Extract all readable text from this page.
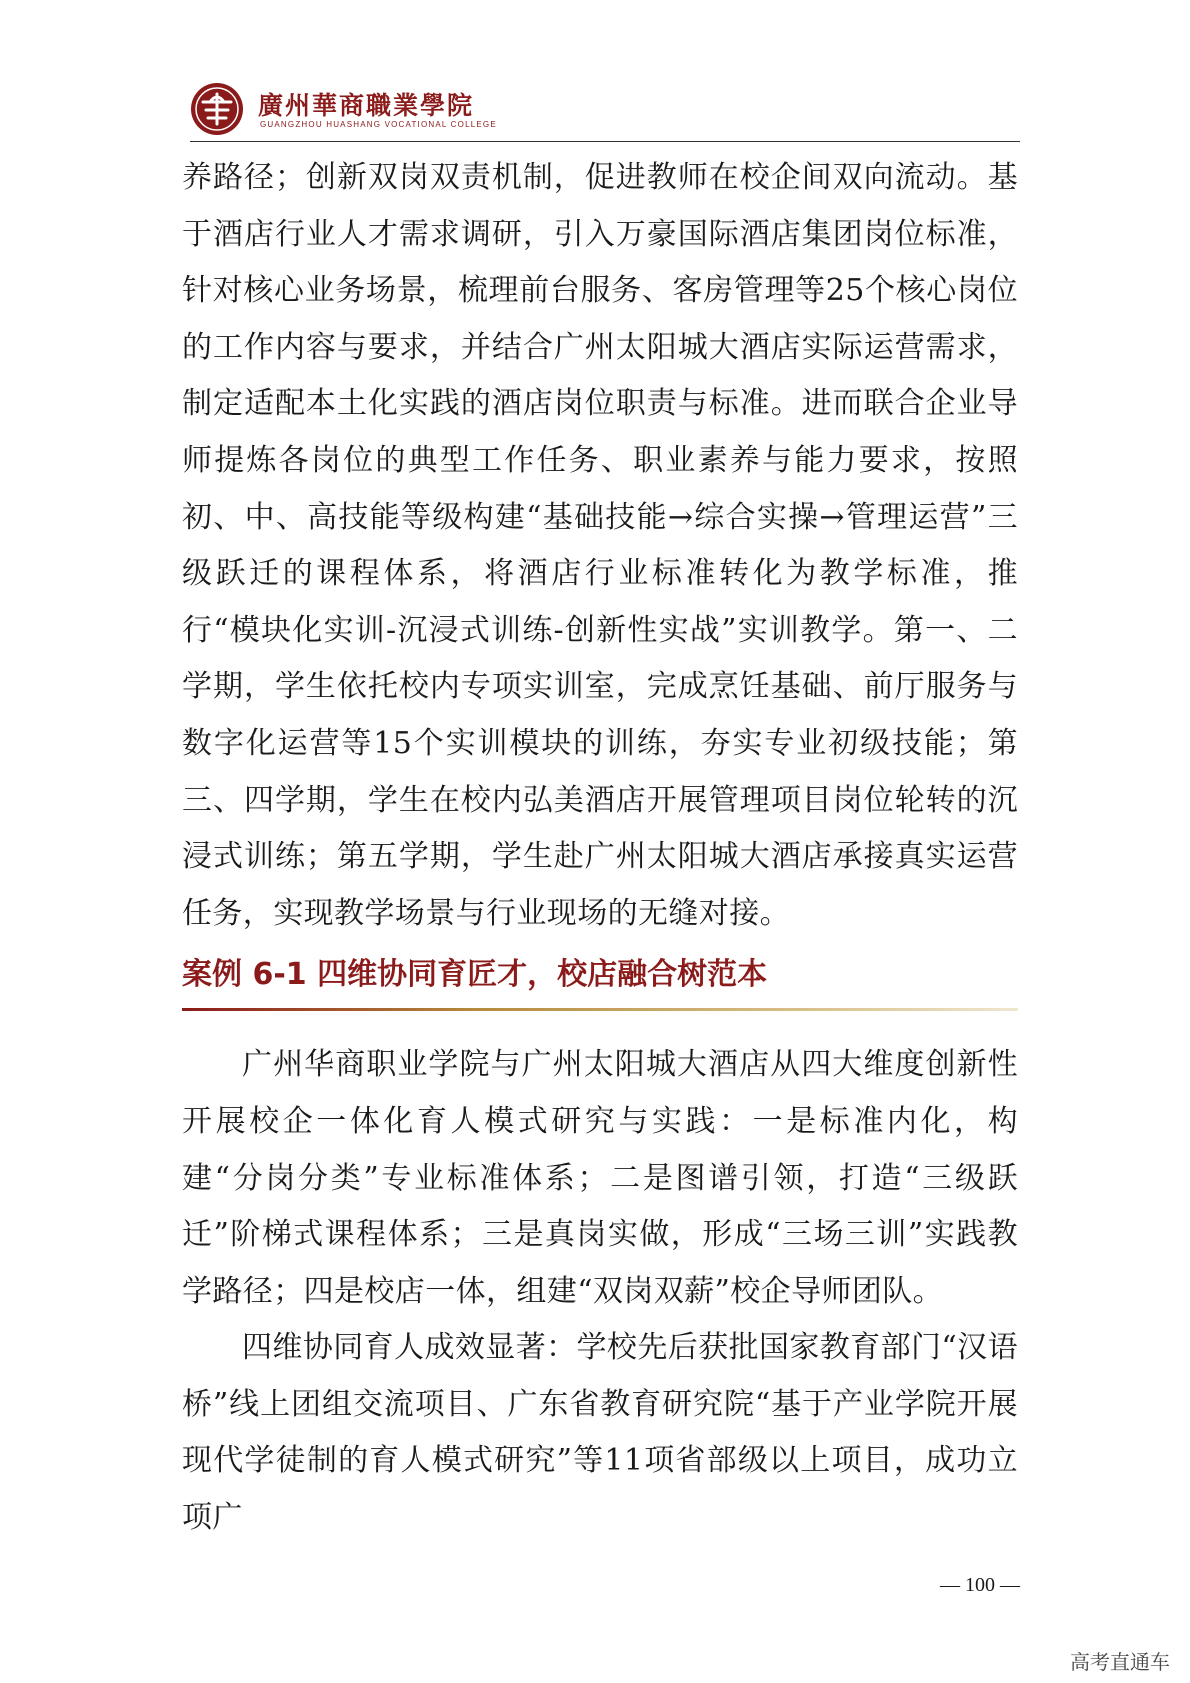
廣州華商職業學院
GUANGZHOU HUASHANG VOCATIONAL COLLEGE

养路径；创新双岗双责机制，促进教师在校企间双向流动。基于酒店行业人才需求调研，引入万豪国际酒店集团岗位标准，针对核心业务场景，梳理前台服务、客房管理等25个核心岗位的工作内容与要求，并结合广州太阳城大酒店实际运营需求，制定适配本土化实践的酒店岗位职责与标准。进而联合企业导师提炼各岗位的典型工作任务、职业素养与能力要求，按照初、中、高技能等级构建“基础技能→综合实操→管理运营”三级跃迁的课程体系，将酒店行业标准转化为教学标准，推行“模块化实训-沉浸式训练-创新性实战”实训教学。第一、二学期，学生依托校内专项实训室，完成烹饪基础、前厅服务与数字化运营等15个实训模块的训练，夯实专业初级技能；第三、四学期，学生在校内弘美酒店开展管理项目岗位轮转的沉浸式训练；第五学期，学生赴广州太阳城大酒店承接真实运营任务，实现教学场景与行业现场的无缝对接。

案例 6-1 四维协同育匠才，校店融合树范本

广州华商职业学院与广州太阳城大酒店从四大维度创新性开展校企一体化育人模式研究与实践：一是标准内化，构建“分岗分类”专业标准体系；二是图谱引领，打造“三级跃迁”阶梯式课程体系；三是真岗实做，形成“三场三训”实践教学路径；四是校店一体，组建“双岗双薪”校企导师团队。

四维协同育人成效显著：学校先后获批国家教育部门“汉语桥”线上团组交流项目、广东省教育研究院“基于产业学院开展现代学徒制的育人模式研究”等11项省部级以上项目，成功立项广

— 100 —
高考直通车
